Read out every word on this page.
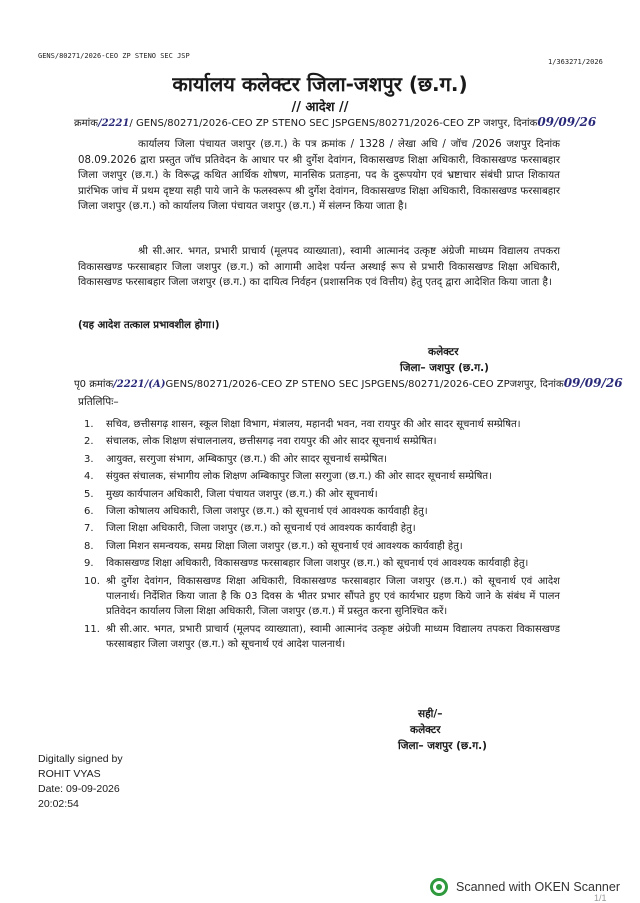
GENS/80271/2026-CEO ZP STENO SEC JSP
1/363271/2026
कार्यालय कलेक्टर जिला-जशपुर (छ.ग.)
// आदेश //
क्रमांक/2221/ GENS/80271/2026-CEO ZP STENO SEC JSPGENS/80271/2026-CEO ZP जशपुर, दिनांक09/09/26
कार्यालय जिला पंचायत जशपुर (छ.ग.) के पत्र क्रमांक / 1328 / लेखा अधि / जॉच /2026 जशपुर दिनांक 08.09.2026 द्वारा प्रस्तुत जॉच प्रतिवेदन के आधार पर श्री दुर्गेश देवांगन, विकासखण्ड शिक्षा अधिकारी, विकासखण्ड फरसाबहार जिला जशपुर (छ.ग.) के विरूद्ध कथित आर्थिक शोषण, मानसिक प्रताड़ना, पद के दुरूपयोग एवं भ्रष्टाचार संबंधी प्राप्त शिकायत प्रारंभिक जांच में प्रथम दृष्टया सही पाये जाने के फलस्वरूप श्री दुर्गेश देवांगन, विकासखण्ड शिक्षा अधिकारी, विकासखण्ड फरसाबहार जिला जशपुर (छ.ग.) को कार्यालय जिला पंचायत जशपुर (छ.ग.) में संलग्न किया जाता है।
श्री सी.आर. भगत, प्रभारी प्राचार्य (मूलपद व्याख्याता), स्वामी आत्मानंद उत्कृष्ट अंग्रेजी माध्यम विद्यालय तपकरा विकासखण्ड फरसाबहार जिला जशपुर (छ.ग.) को आगामी आदेश पर्यन्त अस्थाई रूप से प्रभारी विकासखण्ड शिक्षा अधिकारी, विकासखण्ड फरसाबहार जिला जशपुर (छ.ग.) का दायित्व निर्वहन (प्रशासनिक एवं वित्तीय) हेतु एतद् द्वारा आदेशित किया जाता है।
(यह आदेश तत्काल प्रभावशील होगा।)
कलेक्टर
जिला– जशपुर (छ.ग.)
पृ0 क्रमांक/2221/(A)GENS/80271/2026-CEO ZP STENO SEC JSPGENS/80271/2026-CEO ZPजशपुर, दिनांक09/09/26
प्रतिलिपिः–
1.	सचिव, छत्तीसगढ़ शासन, स्कूल शिक्षा विभाग, मंत्रालय, महानदी भवन, नवा रायपुर की ओर सादर सूचनार्थ सम्प्रेषित।
2.	संचालक, लोक शिक्षण संचालनालय, छत्तीसगढ़ नवा रायपुर की ओर सादर सूचनार्थ सम्प्रेषित।
3.	आयुक्त, सरगुजा संभाग, अम्बिकापुर (छ.ग.) की ओर सादर सूचनार्थ सम्प्रेषित।
4.	संयुक्त संचालक, संभागीय लोक शिक्षण अम्बिकापुर जिला सरगुजा (छ.ग.) की ओर सादर सूचनार्थ सम्प्रेषित।
5.	मुख्य कार्यपालन अधिकारी, जिला पंचायत जशपुर (छ.ग.) की ओर सूचनार्थ।
6.	जिला कोषालय अधिकारी, जिला जशपुर (छ.ग.) को सूचनार्थ एवं आवश्यक कार्यवाही हेतु।
7.	जिला शिक्षा अधिकारी, जिला जशपुर (छ.ग.) को सूचनार्थ एवं आवश्यक कार्यवाही हेतु।
8.	जिला मिशन समन्वयक, समग्र शिक्षा जिला जशपुर (छ.ग.) को सूचनार्थ एवं आवश्यक कार्यवाही हेतु।
9.	विकासखण्ड शिक्षा अधिकारी, विकासखण्ड फरसाबहार जिला जशपुर (छ.ग.) को सूचनार्थ एवं आवश्यक कार्यवाही हेतु।
10. श्री दुर्गेश देवांगन, विकासखण्ड शिक्षा अधिकारी, विकासखण्ड फरसाबहार जिला जशपुर (छ.ग.) को सूचनार्थ एवं आदेश पालनार्थ। निर्देशित किया जाता है कि 03 दिवस के भीतर प्रभार सौंपते हुए एवं कार्यभार ग्रहण किये जाने के संबंध में पालन प्रतिवेदन कार्यालय जिला शिक्षा अधिकारी, जिला जशपुर (छ.ग.) में प्रस्तुत करना सुनिश्चित करें।
11. श्री सी.आर. भगत, प्रभारी प्राचार्य (मूलपद व्याख्याता), स्वामी आत्मानंद उत्कृष्ट अंग्रेजी माध्यम विद्यालय तपकरा विकासखण्ड फरसाबहार जिला जशपुर (छ.ग.) को सूचनार्थ एवं आदेश पालनार्थ।
सही/–
कलेक्टर
जिला– जशपुर (छ.ग.)
Digitally signed by
ROHIT VYAS
Date: 09-09-2026
20:02:54
Scanned with OKEN Scanner
1/1
